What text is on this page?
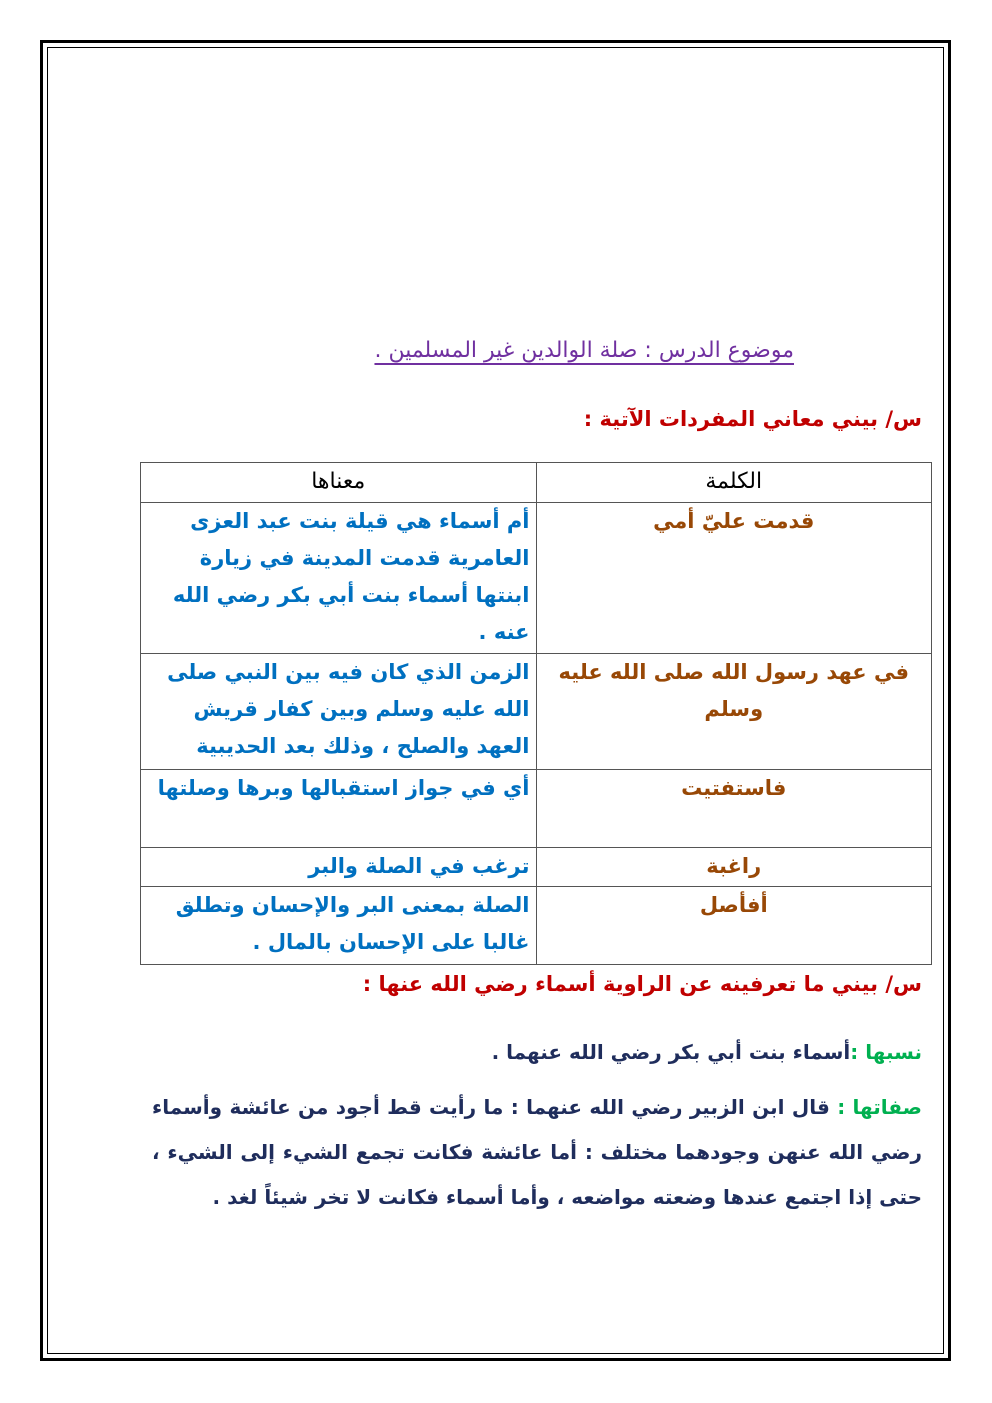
موضوع الدرس : صلة الوالدين غير المسلمين .

س/ بيني معاني المفردات الآتية :

الكلمة	معناها
قدمت عليّ أمي	أم أسماء هي قيلة بنت عبد العزى العامرية قدمت المدينة في زيارة ابنتها أسماء بنت أبي بكر رضي الله عنه .
في عهد رسول الله صلى الله عليه وسلم	الزمن الذي كان فيه بين النبي صلى الله عليه وسلم وبين كفار قريش العهد والصلح ، وذلك بعد الحديبية
فاستفتيت	أي في جواز استقبالها وبرها وصلتها
راغبة	ترغب في الصلة والبر
أفأصل	الصلة بمعنى البر والإحسان وتطلق غالبا على الإحسان بالمال .

س/ بيني ما تعرفينه عن الراوية أسماء رضي الله عنها :

نسبها :أسماء بنت أبي بكر رضي الله عنهما .

صفاتها : قال ابن الزبير رضي الله عنهما : ما رأيت قط أجود من عائشة وأسماء رضي الله عنهن وجودهما مختلف : أما عائشة فكانت تجمع الشيء إلى الشيء ، حتى إذا اجتمع عندها وضعته مواضعه ، وأما أسماء فكانت لا تخر شيئاً لغد .
